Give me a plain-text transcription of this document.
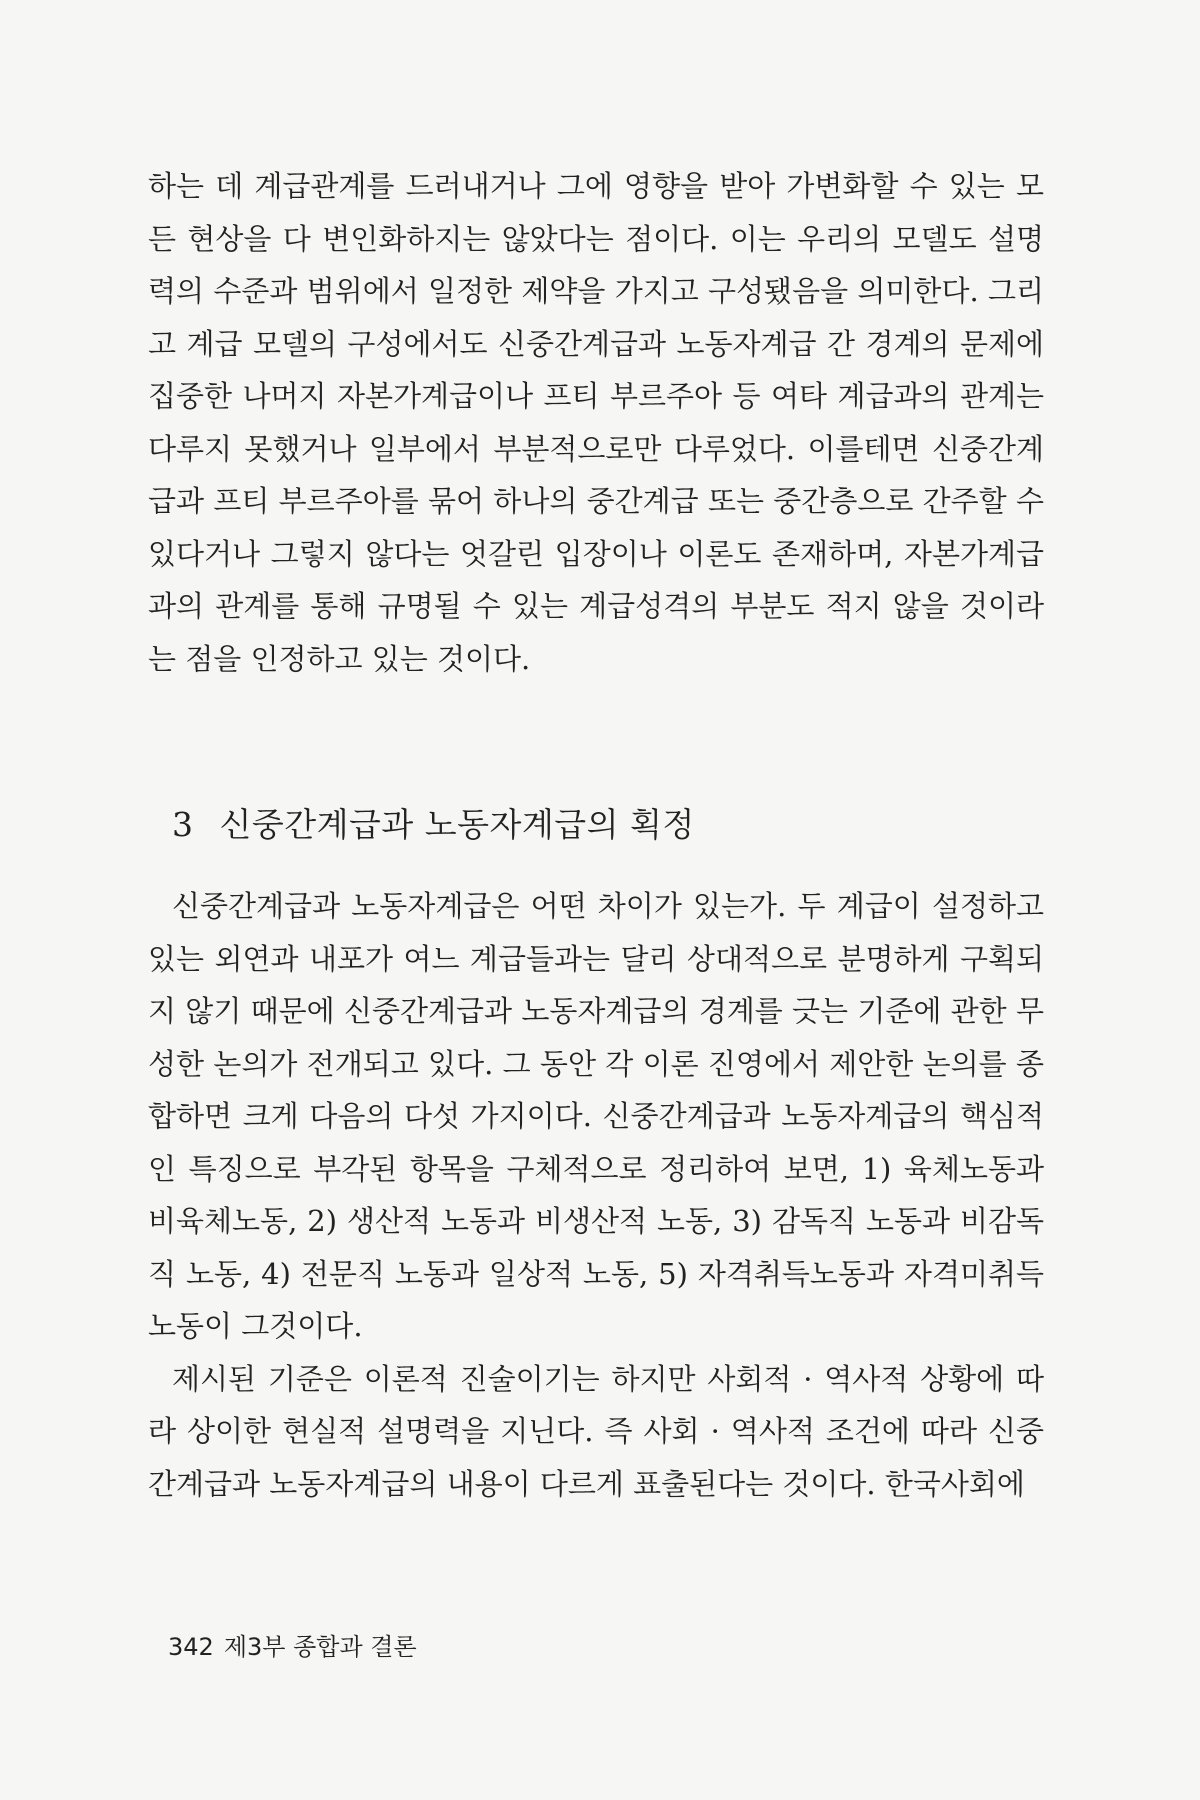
하는 데 계급관계를 드러내거나 그에 영향을 받아 가변화할 수 있는 모든 현상을 다 변인화하지는 않았다는 점이다. 이는 우리의 모델도 설명력의 수준과 범위에서 일정한 제약을 가지고 구성됐음을 의미한다. 그리고 계급 모델의 구성에서도 신중간계급과 노동자계급 간 경계의 문제에 집중한 나머지 자본가계급이나 프티 부르주아 등 여타 계급과의 관계는 다루지 못했거나 일부에서 부분적으로만 다루었다. 이를테면 신중간계급과 프티 부르주아를 묶어 하나의 중간계급 또는 중간층으로 간주할 수 있다거나 그렇지 않다는 엇갈린 입장이나 이론도 존재하며, 자본가계급과의 관계를 통해 규명될 수 있는 계급성격의 부분도 적지 않을 것이라는 점을 인정하고 있는 것이다.

3 신중간계급과 노동자계급의 획정

신중간계급과 노동자계급은 어떤 차이가 있는가. 두 계급이 설정하고 있는 외연과 내포가 여느 계급들과는 달리 상대적으로 분명하게 구획되지 않기 때문에 신중간계급과 노동자계급의 경계를 긋는 기준에 관한 무성한 논의가 전개되고 있다. 그 동안 각 이론 진영에서 제안한 논의를 종합하면 크게 다음의 다섯 가지이다. 신중간계급과 노동자계급의 핵심적인 특징으로 부각된 항목을 구체적으로 정리하여 보면, 1) 육체노동과 비육체노동, 2) 생산적 노동과 비생산적 노동, 3) 감독직 노동과 비감독직 노동, 4) 전문직 노동과 일상적 노동, 5) 자격취득노동과 자격미취득 노동이 그것이다.

제시된 기준은 이론적 진술이기는 하지만 사회적 · 역사적 상황에 따라 상이한 현실적 설명력을 지닌다. 즉 사회 · 역사적 조건에 따라 신중간계급과 노동자계급의 내용이 다르게 표출된다는 것이다. 한국사회에

342 제3부 종합과 결론
